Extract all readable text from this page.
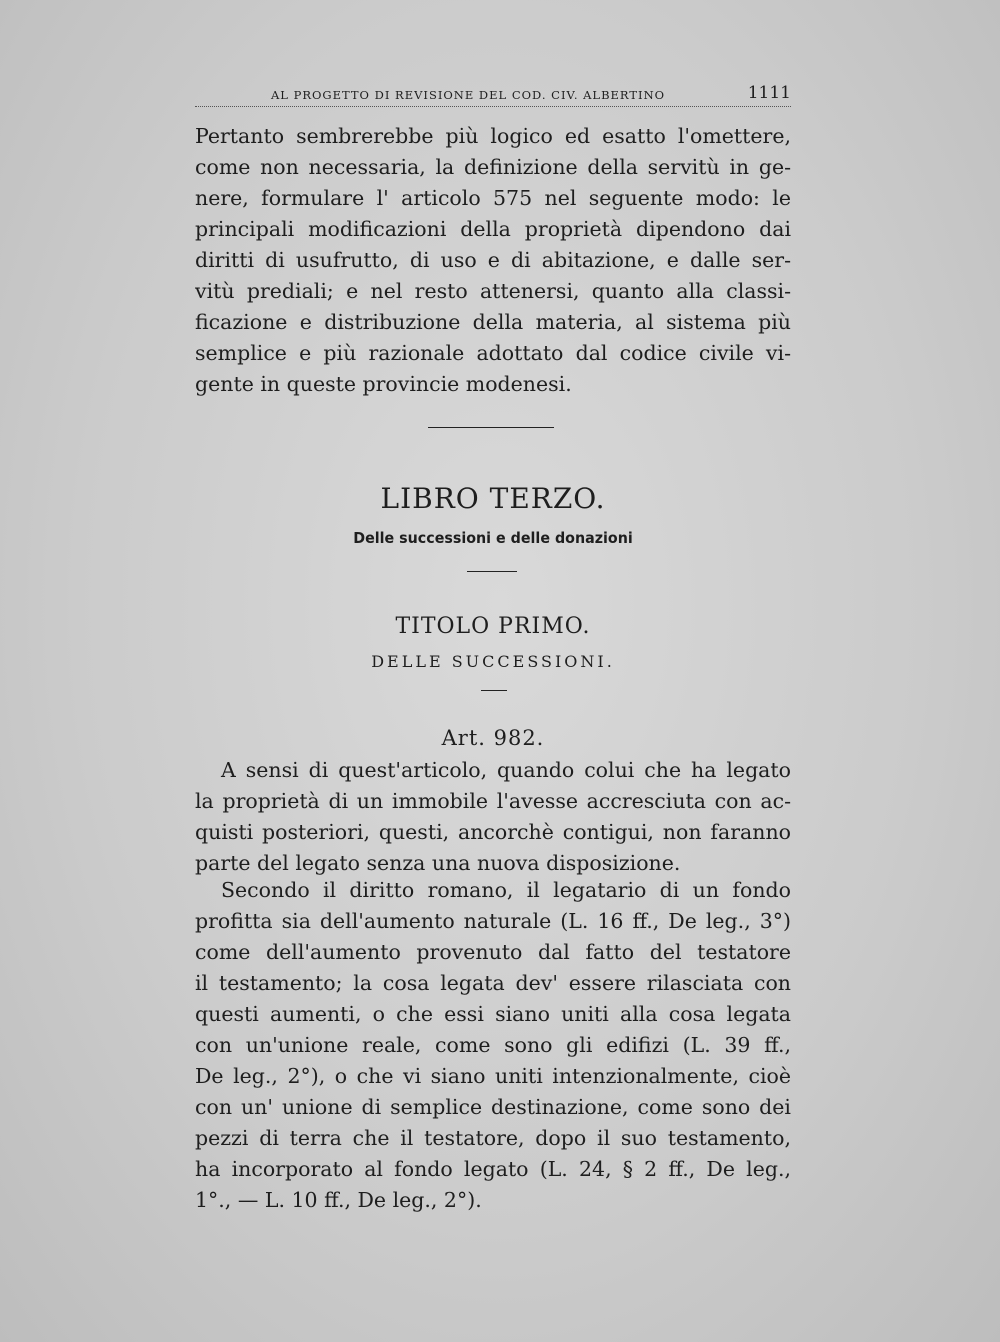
AL PROGETTO DI REVISIONE DEL COD. CIV. ALBERTINO	1111
Pertanto sembrerebbe più logico ed esatto l'omettere,
come non necessaria, la definizione della servitù in ge-
nere, formulare l' articolo 575 nel seguente modo: le
principali modificazioni della proprietà dipendono dai
diritti di usufrutto, di uso e di abitazione, e dalle ser-
vitù prediali; e nel resto attenersi, quanto alla classi-
ficazione e distribuzione della materia, al sistema più
semplice e più razionale adottato dal codice civile vi-
gente in queste provincie modenesi.
LIBRO TERZO.
Delle successioni e delle donazioni
TITOLO PRIMO.
DELLE SUCCESSIONI.
Art. 982.
A sensi di quest'articolo, quando colui che ha legato
la proprietà di un immobile l'avesse accresciuta con ac-
quisti posteriori, questi, ancorchè contigui, non faranno
parte del legato senza una nuova disposizione.
Secondo il diritto romano, il legatario di un fondo
profitta sia dell'aumento naturale (L. 16 ff., De leg., 3°)
come dell'aumento provenuto dal fatto del testatore
il testamento; la cosa legata dev' essere rilasciata con
questi aumenti, o che essi siano uniti alla cosa legata
con un'unione reale, come sono gli edifizi (L. 39 ff.,
De leg., 2°), o che vi siano uniti intenzionalmente, cioè
con un' unione di semplice destinazione, come sono dei
pezzi di terra che il testatore, dopo il suo testamento,
ha incorporato al fondo legato (L. 24, § 2 ff., De leg.,
1°., — L. 10 ff., De leg., 2°).
